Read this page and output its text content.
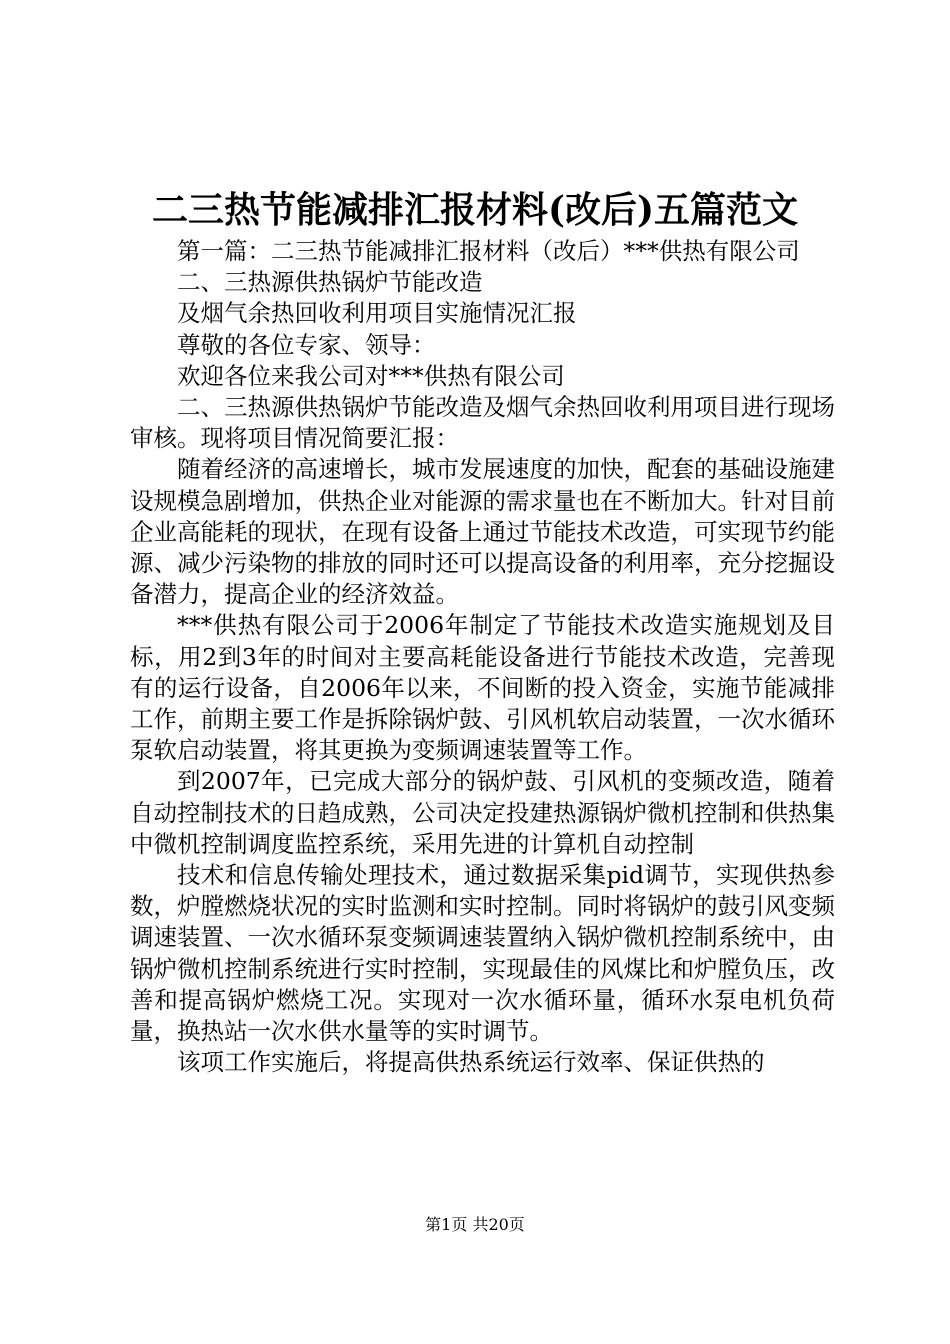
二三热节能减排汇报材料(改后)五篇范文

第一篇：二三热节能减排汇报材料（改后）***供热有限公司

二、三热源供热锅炉节能改造

及烟气余热回收利用项目实施情况汇报

尊敬的各位专家、领导：

欢迎各位来我公司对***供热有限公司

二、三热源供热锅炉节能改造及烟气余热回收利用项目进行现场审核。现将项目情况简要汇报：

随着经济的高速增长，城市发展速度的加快，配套的基础设施建设规模急剧增加，供热企业对能源的需求量也在不断加大。针对目前企业高能耗的现状，在现有设备上通过节能技术改造，可实现节约能源、减少污染物的排放的同时还可以提高设备的利用率，充分挖掘设备潜力，提高企业的经济效益。

***供热有限公司于2006年制定了节能技术改造实施规划及目标，用2到3年的时间对主要高耗能设备进行节能技术改造，完善现有的运行设备，自2006年以来，不间断的投入资金，实施节能减排工作，前期主要工作是拆除锅炉鼓、引风机软启动装置，一次水循环泵软启动装置，将其更换为变频调速装置等工作。

到2007年，已完成大部分的锅炉鼓、引风机的变频改造，随着自动控制技术的日趋成熟，公司决定投建热源锅炉微机控制和供热集中微机控制调度监控系统，采用先进的计算机自动控制

技术和信息传输处理技术，通过数据采集pid调节，实现供热参数，炉膛燃烧状况的实时监测和实时控制。同时将锅炉的鼓引风变频调速装置、一次水循环泵变频调速装置纳入锅炉微机控制系统中，由锅炉微机控制系统进行实时控制，实现最佳的风煤比和炉膛负压，改善和提高锅炉燃烧工况。实现对一次水循环量，循环水泵电机负荷量，换热站一次水供水量等的实时调节。

该项工作实施后，将提高供热系统运行效率、保证供热的

第1页 共20页
